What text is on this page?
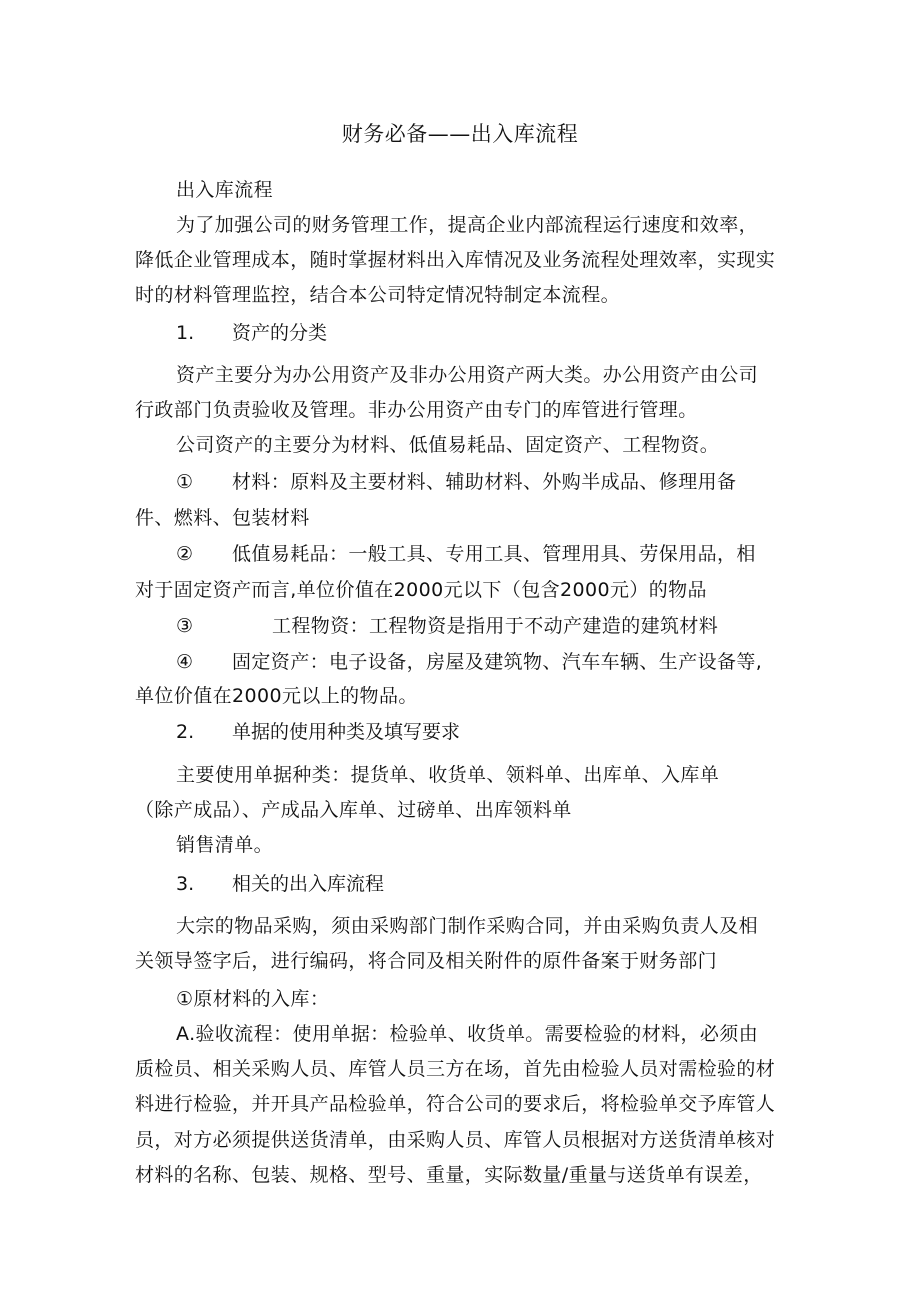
财务必备——出入库流程
出入库流程
为了加强公司的财务管理工作，提高企业内部流程运行速度和效率，
降低企业管理成本，随时掌握材料出入库情况及业务流程处理效率，实现实
时的材料管理监控，结合本公司特定情况特制定本流程。
1. 资产的分类
资产主要分为办公用资产及非办公用资产两大类。办公用资产由公司
行政部门负责验收及管理。非办公用资产由专门的库管进行管理。
公司资产的主要分为材料、低值易耗品、固定资产、工程物资。
① 材料：原料及主要材料、辅助材料、外购半成品、修理用备
件、燃料、包装材料
② 低值易耗品：一般工具、专用工具、管理用具、劳保用品，相
对于固定资产而言,单位价值在2000元以下（包含2000元）的物品
③	工程物资：工程物资是指用于不动产建造的建筑材料
④ 固定资产：电子设备，房屋及建筑物、汽车车辆、生产设备等,
单位价值在2000元以上的物品。
2. 单据的使用种类及填写要求
主要使用单据种类：提货单、收货单、领料单、出库单、入库单
（除产成品）、产成品入库单、过磅单、出库领料单
销售清单。
3. 相关的出入库流程
大宗的物品采购，须由采购部门制作采购合同，并由采购负责人及相
关领导签字后，进行编码，将合同及相关附件的原件备案于财务部门
①原材料的入库：
A.验收流程：使用单据：检验单、收货单。需要检验的材料，必须由
质检员、相关采购人员、库管人员三方在场，首先由检验人员对需检验的材
料进行检验，并开具产品检验单，符合公司的要求后，将检验单交予库管人
员，对方必须提供送货清单，由采购人员、库管人员根据对方送货清单核对
材料的名称、包装、规格、型号、重量，实际数量/重量与送货单有误差，
